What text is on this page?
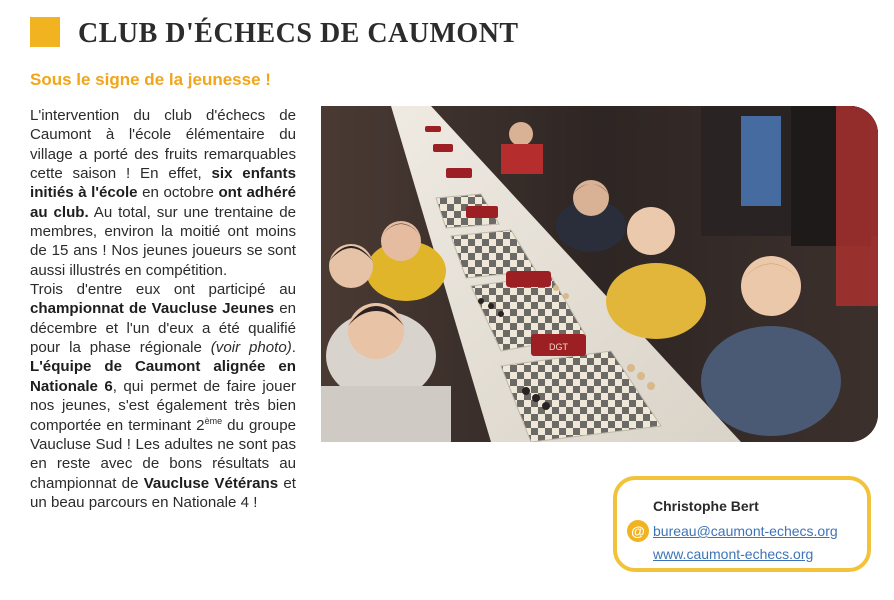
CLUB D'ÉCHECS DE CAUMONT
Sous le signe de la jeunesse !

L'intervention du club d'échecs de Caumont à l'école élémentaire du village a porté des fruits remarquables cette saison ! En effet, six enfants initiés à l'école en octobre ont adhéré au club. Au total, sur une trentaine de membres, environ la moitié ont moins de 15 ans ! Nos jeunes joueurs se sont aussi illustrés en compétition.

Trois d'entre eux ont participé au championnat de Vaucluse Jeunes en décembre et l'un d'eux a été qualifié pour la phase régionale (voir photo). L'équipe de Caumont alignée en Nationale 6, qui permet de faire jouer nos jeunes, s'est également très bien comportée en terminant 2ème du groupe Vaucluse Sud ! Les adultes ne sont pas en reste avec de bons résultats au championnat de Vaucluse Vétérans et un beau parcours en Nationale 4 !

DGT
Christophe Bert
@ bureau@caumont-echecs.org
www.caumont-echecs.org
